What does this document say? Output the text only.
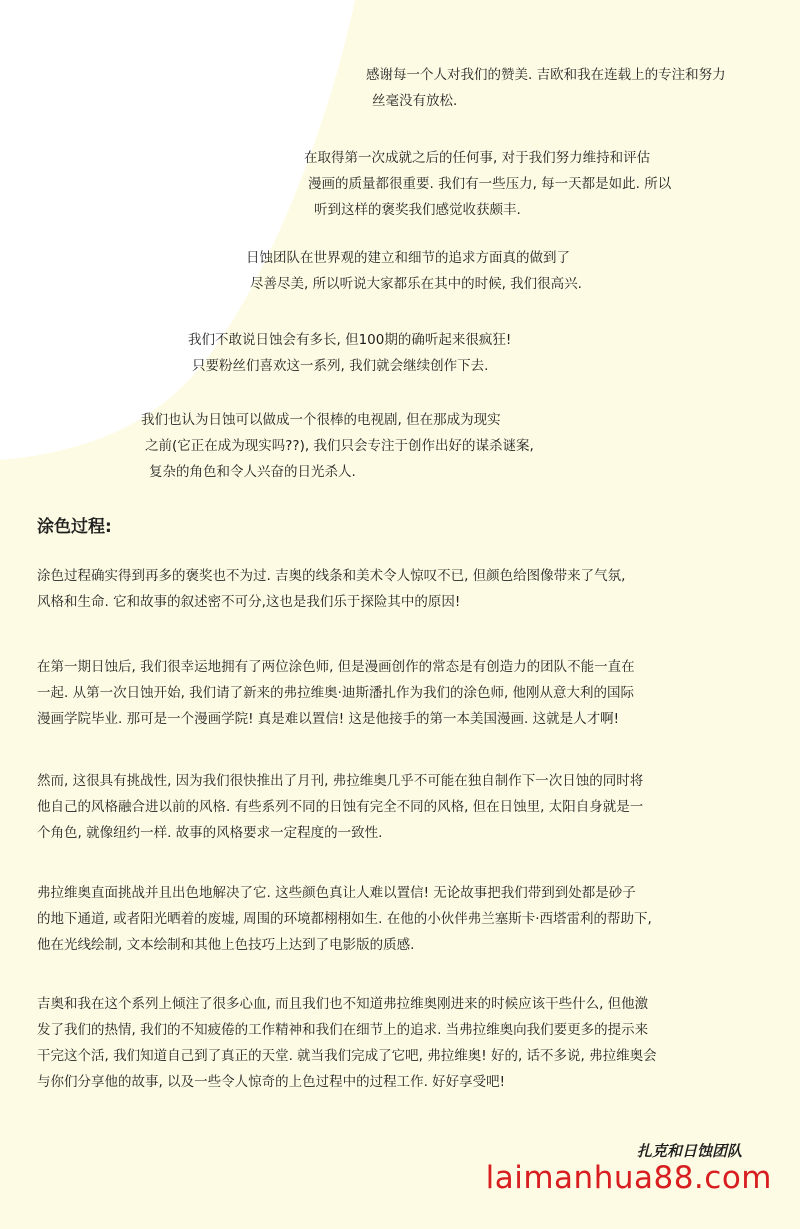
感谢每一个人对我们的赞美. 吉欧和我在连载上的专注和努力
丝毫没有放松.
在取得第一次成就之后的任何事, 对于我们努力维持和评估
漫画的质量都很重要. 我们有一些压力, 每一天都是如此. 所以
听到这样的褒奖我们感觉收获颇丰.
日蚀团队在世界观的建立和细节的追求方面真的做到了
尽善尽美, 所以听说大家都乐在其中的时候, 我们很高兴.
我们不敢说日蚀会有多长, 但100期的确听起来很疯狂!
只要粉丝们喜欢这一系列, 我们就会继续创作下去.
我们也认为日蚀可以做成一个很棒的电视剧, 但在那成为现实
之前(它正在成为现实吗??), 我们只会专注于创作出好的谋杀谜案,
复杂的角色和令人兴奋的日光杀人.
涂色过程:
涂色过程确实得到再多的褒奖也不为过. 吉奥的线条和美术令人惊叹不已, 但颜色给图像带来了气氛,
风格和生命. 它和故事的叙述密不可分,这也是我们乐于探险其中的原因!
在第一期日蚀后, 我们很幸运地拥有了两位涂色师, 但是漫画创作的常态是有创造力的团队不能一直在
一起. 从第一次日蚀开始, 我们请了新来的弗拉维奥·迪斯潘扎作为我们的涂色师, 他刚从意大利的国际
漫画学院毕业. 那可是一个漫画学院! 真是难以置信! 这是他接手的第一本美国漫画. 这就是人才啊!
然而, 这很具有挑战性, 因为我们很快推出了月刊, 弗拉维奥几乎不可能在独自制作下一次日蚀的同时将
他自己的风格融合进以前的风格. 有些系列不同的日蚀有完全不同的风格, 但在日蚀里, 太阳自身就是一
个角色, 就像纽约一样. 故事的风格要求一定程度的一致性.
弗拉维奥直面挑战并且出色地解决了它. 这些颜色真让人难以置信! 无论故事把我们带到到处都是砂子
的地下通道, 或者阳光晒着的废墟, 周围的环境都栩栩如生. 在他的小伙伴弗兰塞斯卡·西塔雷利的帮助下,
他在光线绘制, 文本绘制和其他上色技巧上达到了电影版的质感.
吉奥和我在这个系列上倾注了很多心血, 而且我们也不知道弗拉维奥刚进来的时候应该干些什么, 但他激
发了我们的热情, 我们的不知疲倦的工作精神和我们在细节上的追求. 当弗拉维奥向我们要更多的提示来
干完这个活, 我们知道自己到了真正的天堂. 就当我们完成了它吧, 弗拉维奥! 好的, 话不多说, 弗拉维奥会
与你们分享他的故事, 以及一些令人惊奇的上色过程中的过程工作. 好好享受吧!
扎克和日蚀团队
laimanhua88.com
